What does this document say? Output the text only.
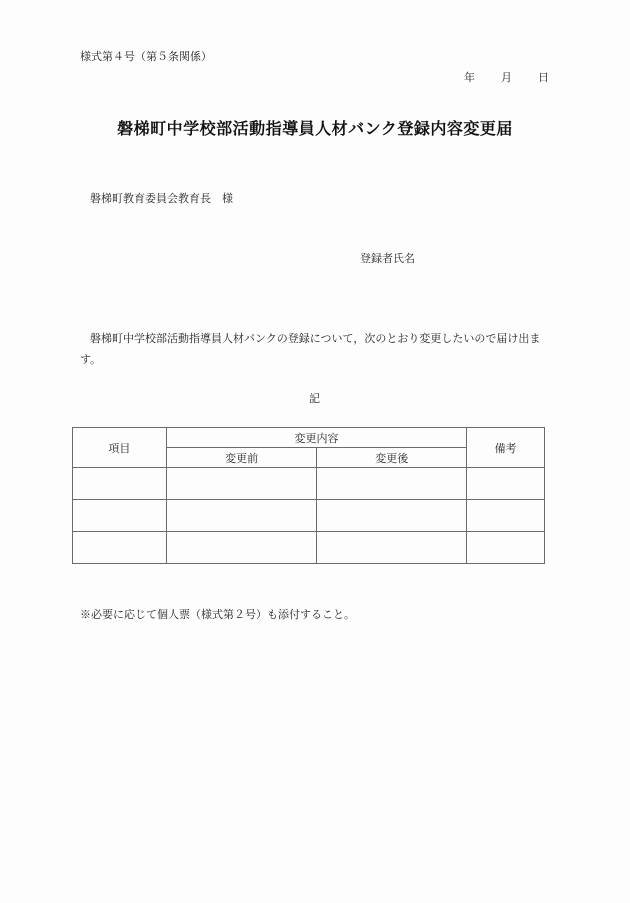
様式第４号（第５条関係）
年 月 日
磐梯町中学校部活動指導員人材バンク登録内容変更届
磐梯町教育委員会教育長　様
登録者氏名
磐梯町中学校部活動指導員人材バンクの登録について，次のとおり変更したいので届け出ます。
記
項目	変更内容		備考
	変更前	変更後	

※必要に応じて個人票（様式第２号）も添付すること。
